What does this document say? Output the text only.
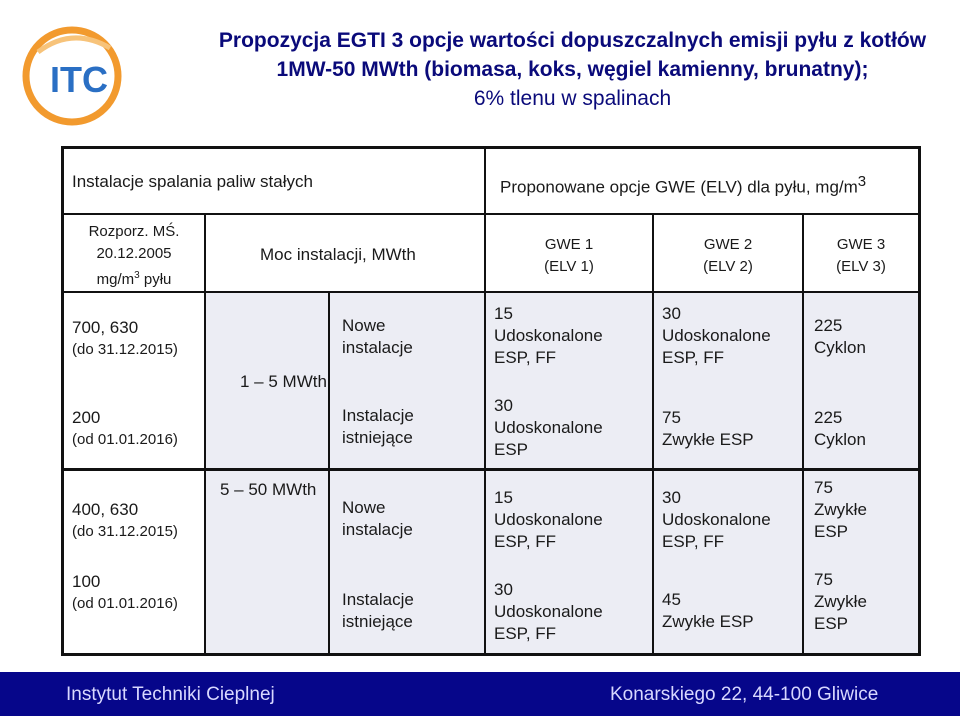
ITC
Propozycja EGTI 3 opcje wartości dopuszczalnych emisji pyłu z kotłów
1MW-50 MWth (biomasa, koks, węgiel kamienny, brunatny);
6% tlenu w spalinach
Instalacje spalania paliw stałych	Proponowane opcje GWE (ELV) dla pyłu, $mg/m^3$
Rozporz. MŚ.
20.12.2005
$mg/m^3$ pyłu
Moc instalacji, MWth
GWE 1
(ELV 1)
GWE 2
(ELV 2)
GWE 3
(ELV 3)
700, 630
(do 31.12.2015)
200
(od 01.01.2016)
1 – 5 MWth
Nowe
instalacje
Instalacje
istniejące
15
Udoskonalone
ESP, FF
30
Udoskonalone
ESP, FF
225
Cyklon
30
Udoskonalone
ESP
75
Zwykłe ESP
225
Cyklon
400, 630
(do 31.12.2015)
100
(od 01.01.2016)
5 – 50 MWth
Nowe
instalacje
Instalacje
istniejące
15
Udoskonalone
ESP, FF
30
Udoskonalone
ESP, FF
75
Zwykłe
ESP
30
Udoskonalone
ESP, FF
45
Zwykłe ESP
75
Zwykłe
ESP
Instytut Techniki Cieplnej	Konarskiego 22, 44-100 Gliwice
